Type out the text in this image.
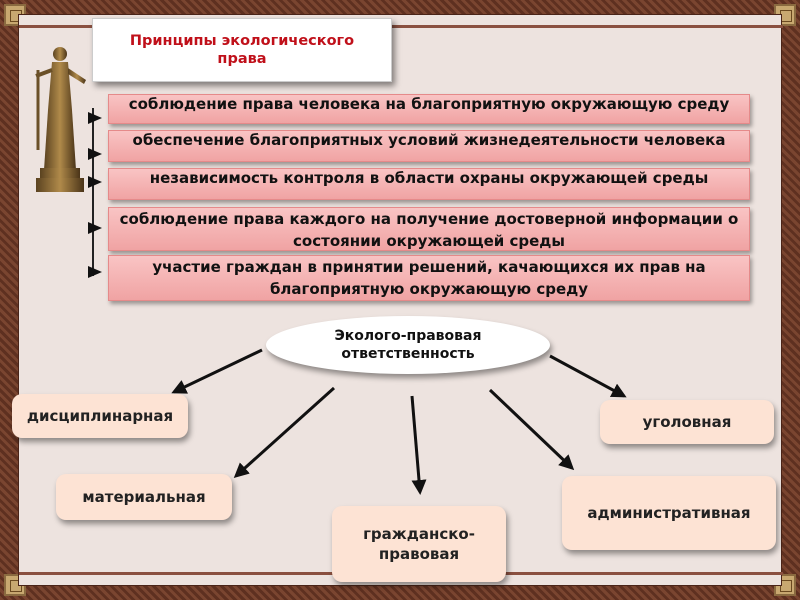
Принципы экологического права
соблюдение права человека на благоприятную окружающую среду
обеспечение благоприятных условий жизнедеятельности человека
независимость контроля в области охраны окружающей среды
соблюдение права каждого на получение достоверной информации о состоянии окружающей среды
участие граждан в принятии решений, качающихся их прав на благоприятную окружающую среду
Эколого-правовая ответственность
дисциплинарная	уголовная
материальная
административная
гражданско-правовая
